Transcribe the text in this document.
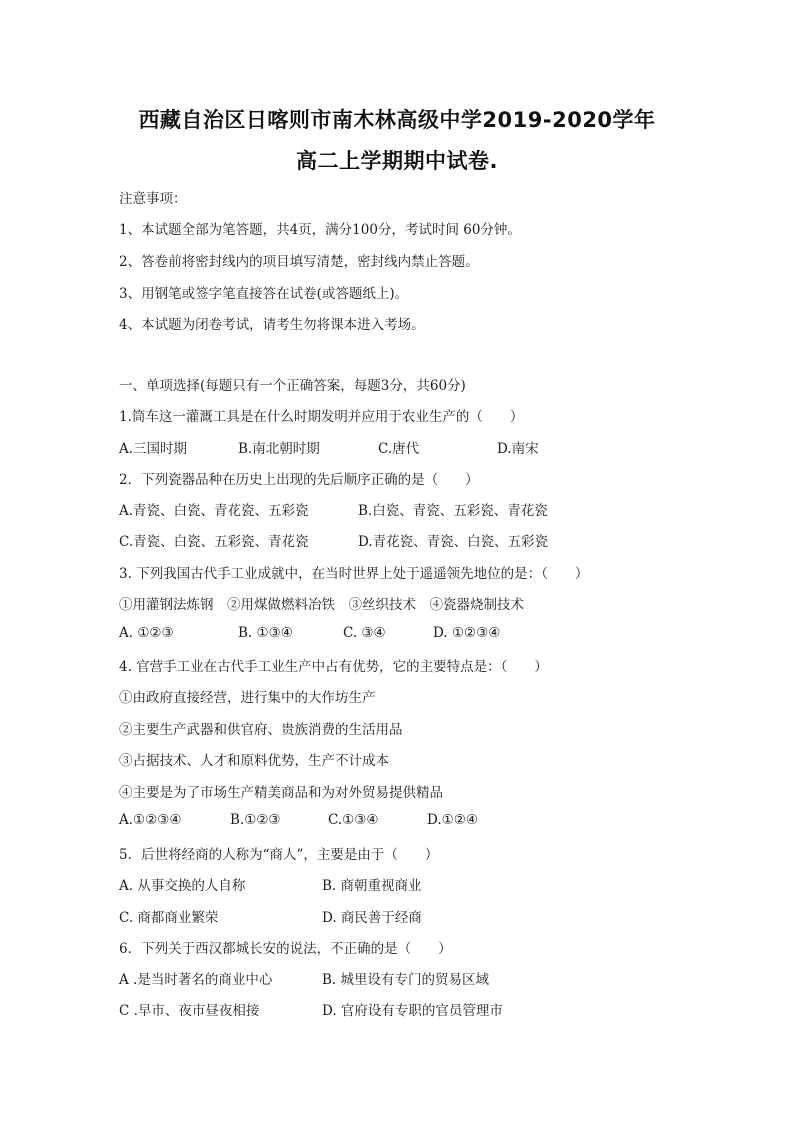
西藏自治区日喀则市南木林高级中学2019-2020学年
高二上学期期中试卷.
注意事项：
1、本试题全部为笔答题，共4页，满分100分，考试时间 60分钟。
2、答卷前将密封线内的项目填写清楚，密封线内禁止答题。
3、用钢笔或签字笔直接答在试卷(或答题纸上)。
4、本试题为闭卷考试，请考生勿将课本进入考场。
一、单项选择(每题只有一个正确答案，每题3分，共60分)
1.筒车这一灌溉工具是在什么时期发明并应用于农业生产的（　　）
A.三国时期	B.南北朝时期	C.唐代	D.南宋
2．下列瓷器品种在历史上出现的先后顺序正确的是（　　）
A.青瓷、白瓷、青花瓷、五彩瓷	B.白瓷、青瓷、五彩瓷、青花瓷
C.青瓷、白瓷、五彩瓷、青花瓷	D.青花瓷、青瓷、白瓷、五彩瓷
3. 下列我国古代手工业成就中，在当时世界上处于遥遥领先地位的是：（　　）
①用灌钢法炼钢　②用煤做燃料冶铁　③丝织技术　④瓷器烧制技术
A. ①②③	B. ①③④	C. ③④	D. ①②③④
4. 官营手工业在古代手工业生产中占有优势，它的主要特点是：（　　）
①由政府直接经营，进行集中的大作坊生产
②主要生产武器和供官府、贵族消费的生活用品
③占据技术、人才和原料优势，生产不计成本
④主要是为了市场生产精美商品和为对外贸易提供精品
A.①②③④	B.①②③	C.①③④	D.①②④
5．后世将经商的人称为“商人”，主要是由于（　　）
A. 从事交换的人自称	B. 商朝重视商业
C. 商都商业繁荣	D. 商民善于经商
6．下列关于西汉都城长安的说法，不正确的是（　　）
A .是当时著名的商业中心	B. 城里设有专门的贸易区域
C .早市、夜市昼夜相接	D. 官府设有专职的官员管理市
